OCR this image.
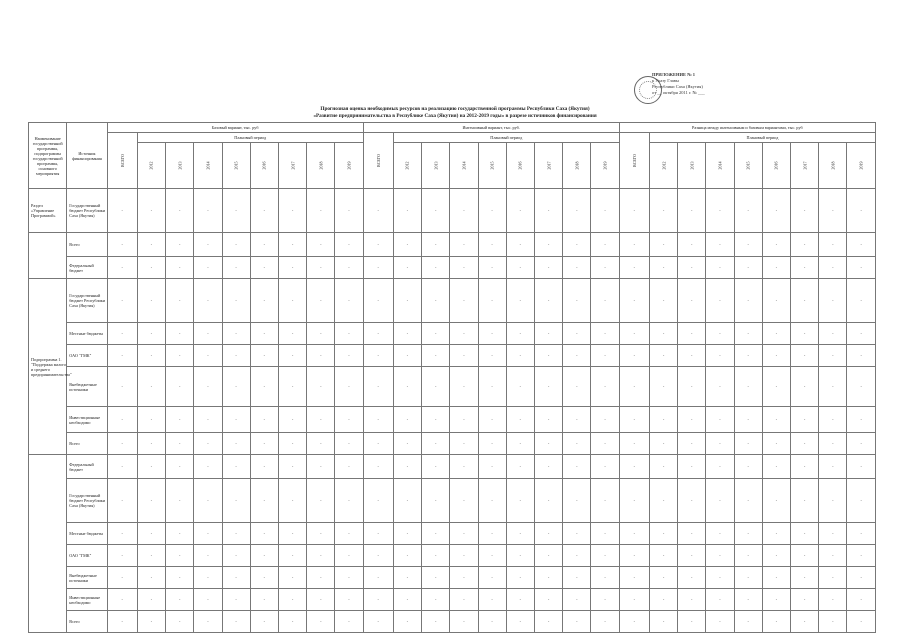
ПРИЛОЖЕНИЕ № 1
к Указу Главы
Республики Саха (Якутия)
от __ октября 2011 г. № ___
Прогнозная оценка необходимых ресурсов на реализацию государственной программы Республики Саха (Якутия)
«Развитие предпринимательства в Республике Саха (Якутия) на 2012-2019 годы» в разрезе источников финансирования
Наименование государственной программы, подпрограммы государственной программы, основного мероприятия	Источник финансирования	Базовый вариант, тыс. руб									Интенсивный вариант, тыс. руб.									Разница между интенсивным и базовым вариантами, тыс. руб								
		ВСЕГО	Плановый период								ВСЕГО	Плановый период								ВСЕГО	Плановый период							
			2012	2013	2014	2015	2016	2017	2018	2019		2012	2013	2014	2015	2016	2017	2018	2019		2012	2013	2014	2015	2016	2017	2018	2019
Раздел «Управление Программой»	Государственный бюджет Республики Саха (Якутия)	-	-	-	-	-	-	-	-	-	-	-	-	-	-	-	-	-	-	-	-	-	-	-	-	-	-	-
	Всего	-	-	-	-	-	-	-	-	-	-	-	-	-	-	-	-	-	-	-	-	-	-	-	-	-	-	-
	Федеральный бюджет	-	-	-	-	-	-	-	-	-	-	-	-	-	-	-	-	-	-	-	-	-	-	-	-	-	-	-
Подпрограмма 1. "Поддержка малого и среднего предпринимательства"	Государственный бюджет Республики Саха (Якутия)	-	-	-	-	-	-	-	-	-	-	-	-	-	-	-	-	-	-	-	-	-	-	-	-	-	-	-
	Местные бюджеты	-	-	-	-	-	-	-	-	-	-	-	-	-	-	-	-	-	-	-	-	-	-	-	-	-	-	-
	ОАО "ГМК"	-	-	-	-	-	-	-	-	-	-	-	-	-	-	-	-	-	-	-	-	-	-	-	-	-	-	-
	Внебюджетные источники	-	-	-	-	-	-	-	-	-	-	-	-	-	-	-	-	-	-	-	-	-	-	-	-	-	-	-
	Инвестиционные необходимо	-	-	-	-	-	-	-	-	-	-	-	-	-	-	-	-	-	-	-	-	-	-	-	-	-	-	-
	Всего	-	-	-	-	-	-	-	-	-	-	-	-	-	-	-	-	-	-	-	-	-	-	-	-	-	-	-
	Федеральный бюджет	-	-	-	-	-	-	-	-	-	-	-	-	-	-	-	-	-	-	-	-	-	-	-	-	-	-	-
	Государственный бюджет Республики Саха (Якутия)	-	-	-	-	-	-	-	-	-	-	-	-	-	-	-	-	-	-	-	-	-	-	-	-	-	-	-
	Местные бюджеты	-	-	-	-	-	-	-	-	-	-	-	-	-	-	-	-	-	-	-	-	-	-	-	-	-	-	-
	ОАО "ГМК"	-	-	-	-	-	-	-	-	-	-	-	-	-	-	-	-	-	-	-	-	-	-	-	-	-	-	-
	Внебюджетные источники	-	-	-	-	-	-	-	-	-	-	-	-	-	-	-	-	-	-	-	-	-	-	-	-	-	-	-
	Инвестиционные необходимо	-	-	-	-	-	-	-	-	-	-	-	-	-	-	-	-	-	-	-	-	-	-	-	-	-	-	-
	Всего	-	-	-	-	-	-	-	-	-	-	-	-	-	-	-	-	-	-	-	-	-	-	-	-	-	-	-
